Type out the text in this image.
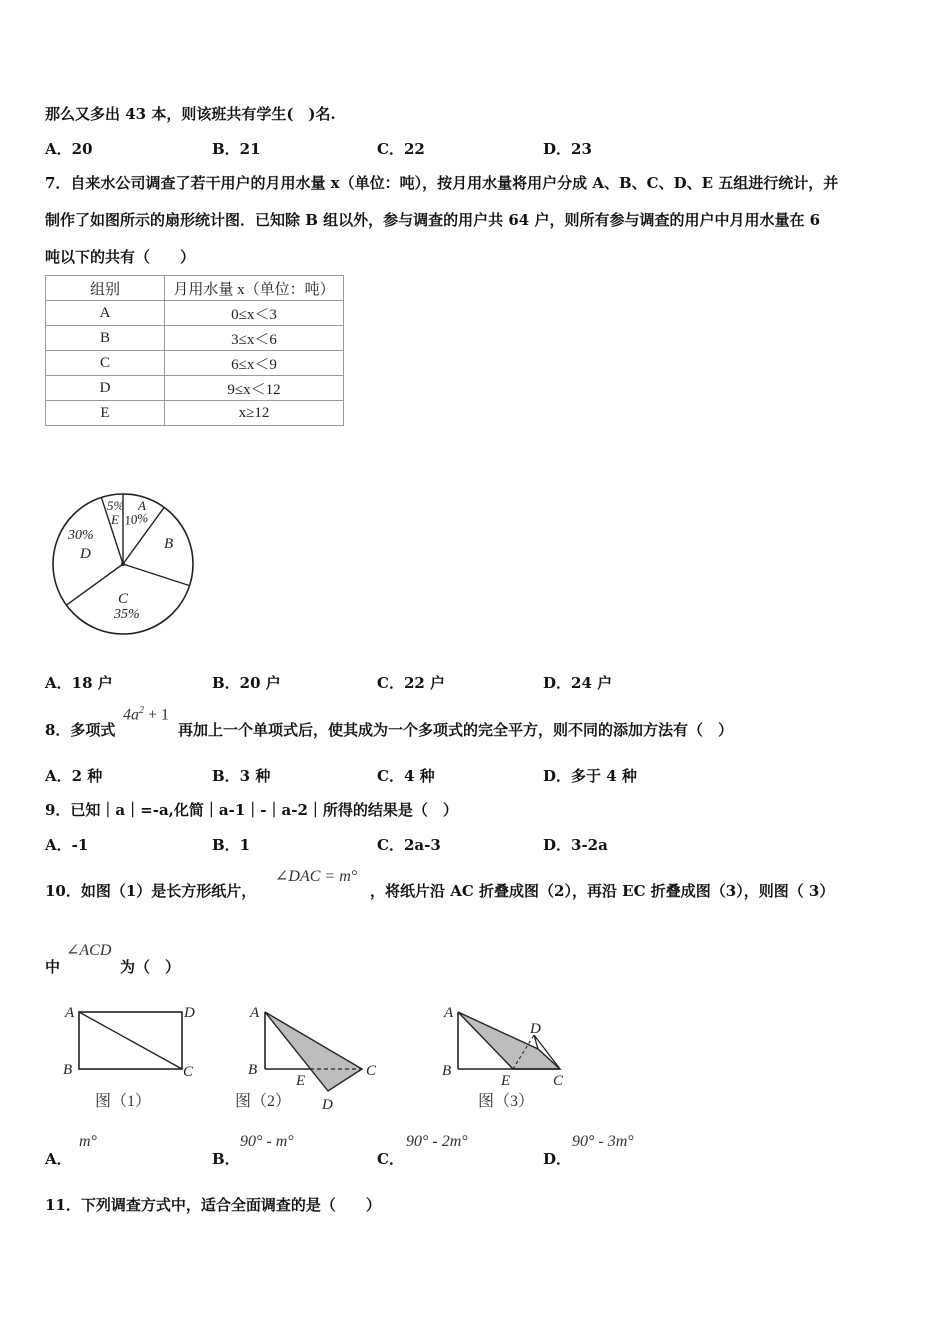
那么又多出 43 本，则该班共有学生(　)名.
A．20	B．21	C．22	D．23
7．自来水公司调查了若干用户的月用水量 x（单位：吨），按月用水量将用户分成 A、B、C、D、E 五组进行统计，并
制作了如图所示的扇形统计图．已知除 B 组以外，参与调查的用户共 64 户，则所有参与调查的用户中月用水量在 6
吨以下的共有（　　）
组别	月用水量 x（单位：吨）
A	0≤x＜3
B	3≤x＜6
C	6≤x＜9
D	9≤x＜12
E	x≥12
5%
E
A
10%
30%
D
B
C
35%
A．18 户	B．20 户	C．22 户	D．24 户
8．多项式
$4a^2 + 1$
再加上一个单项式后，使其成为一个多项式的完全平方，则不同的添加方法有（　）
A．2 种	B．3 种	C．4 种	D．多于 4 种
9．已知｜a｜=-a,化简｜a-1｜-｜a-2｜所得的结果是（　）
A．-1	B．1	C．2a-3	D．3-2a
10．如图（1）是长方形纸片，
∠DAC = m°
，将纸片沿 AC 折叠成图（2），再沿 EC 折叠成图（3），则图（ 3）
中
∠ACD
为（　）
A	D
B	C
图（1）
A
B
E
C
D
图（2）
A
D
B
E	C
图（3）
A．
m°
B．
90° - m°
C．
90° - 2m°
D．
90° - 3m°
11．下列调查方式中，适合全面调查的是（　　）
